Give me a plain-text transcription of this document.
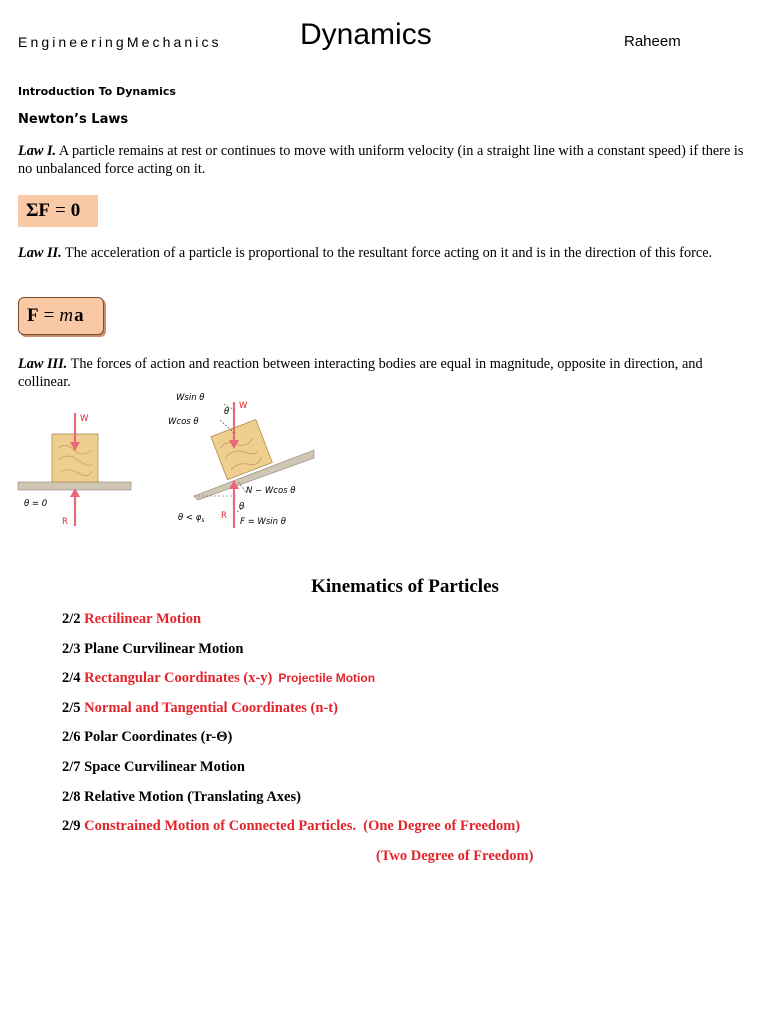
EngineeringMechanics	Dynamics	Raheem
Introduction To Dynamics
Newton’s Laws
Law I. A particle remains at rest or continues to move with uniform velocity (in a straight line with a constant speed) if there is no unbalanced force acting on it.
ΣF = 0
Law II. The acceleration of a particle is proportional to the resultant force acting on it and is in the direction of this force.
F = m a
Law III. The forces of action and reaction between interacting bodies are equal in magnitude, opposite in direction, and collinear.
W
R
θ = 0
W
Wsin θ
Wcos θ
θ
R
N − Wcos θ
θ
F = Wsin θ
$\theta < \varphi_s$
Kinematics of Particles
2/2 Rectilinear Motion
2/3 Plane Curvilinear Motion
2/4 Rectangular Coordinates (x-y) Projectile Motion
2/5 Normal and Tangential Coordinates (n-t)
2/6 Polar Coordinates (r-Θ)
2/7 Space Curvilinear Motion
2/8 Relative Motion (Translating Axes)
2/9 Constrained Motion of Connected Particles.  (One Degree of Freedom)
(Two Degree of Freedom)
